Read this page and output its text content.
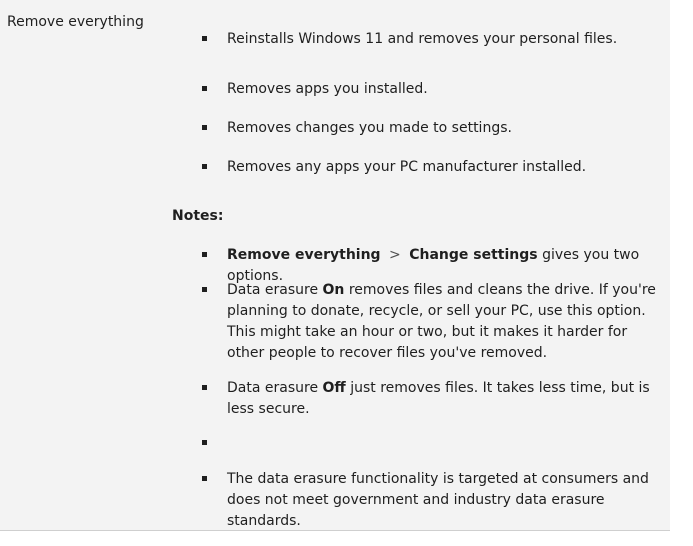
Remove everything
Reinstalls Windows 11 and removes your personal files.
Removes apps you installed.
Removes changes you made to settings.
Removes any apps your PC manufacturer installed.
Notes:
Remove everything > Change settings gives you two options.
Data erasure On removes files and cleans the drive. If you're planning to donate, recycle, or sell your PC, use this option. This might take an hour or two, but it makes it harder for other people to recover files you've removed.
Data erasure Off just removes files. It takes less time, but is less secure.
The data erasure functionality is targeted at consumers and does not meet government and industry data erasure standards.
